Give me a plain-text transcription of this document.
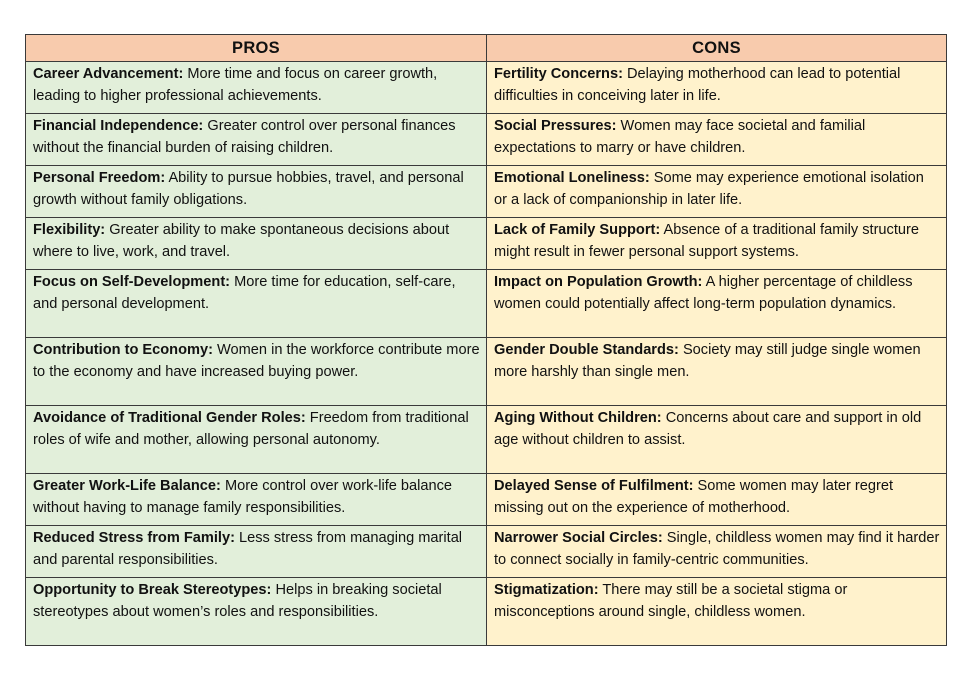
PROS	CONS
Career Advancement: More time and focus on career growth, leading to higher professional achievements.	Fertility Concerns: Delaying motherhood can lead to potential difficulties in conceiving later in life.
Financial Independence: Greater control over personal finances without the financial burden of raising children.	Social Pressures: Women may face societal and familial expectations to marry or have children.
Personal Freedom: Ability to pursue hobbies, travel, and personal growth without family obligations.	Emotional Loneliness: Some may experience emotional isolation or a lack of companionship in later life.
Flexibility: Greater ability to make spontaneous decisions about where to live, work, and travel.	Lack of Family Support: Absence of a traditional family structure might result in fewer personal support systems.
Focus on Self-Development: More time for education, self-care, and personal development.	Impact on Population Growth: A higher percentage of childless women could potentially affect long-term population dynamics.
Contribution to Economy: Women in the workforce contribute more to the economy and have increased buying power.	Gender Double Standards: Society may still judge single women more harshly than single men.
Avoidance of Traditional Gender Roles: Freedom from traditional roles of wife and mother, allowing personal autonomy.	Aging Without Children: Concerns about care and support in old age without children to assist.
Greater Work-Life Balance: More control over work-life balance without having to manage family responsibilities.	Delayed Sense of Fulfilment: Some women may later regret missing out on the experience of motherhood.
Reduced Stress from Family: Less stress from managing marital and parental responsibilities.	Narrower Social Circles: Single, childless women may find it harder to connect socially in family-centric communities.
Opportunity to Break Stereotypes: Helps in breaking societal stereotypes about women’s roles and responsibilities.	Stigmatization: There may still be a societal stigma or misconceptions around single, childless women.
